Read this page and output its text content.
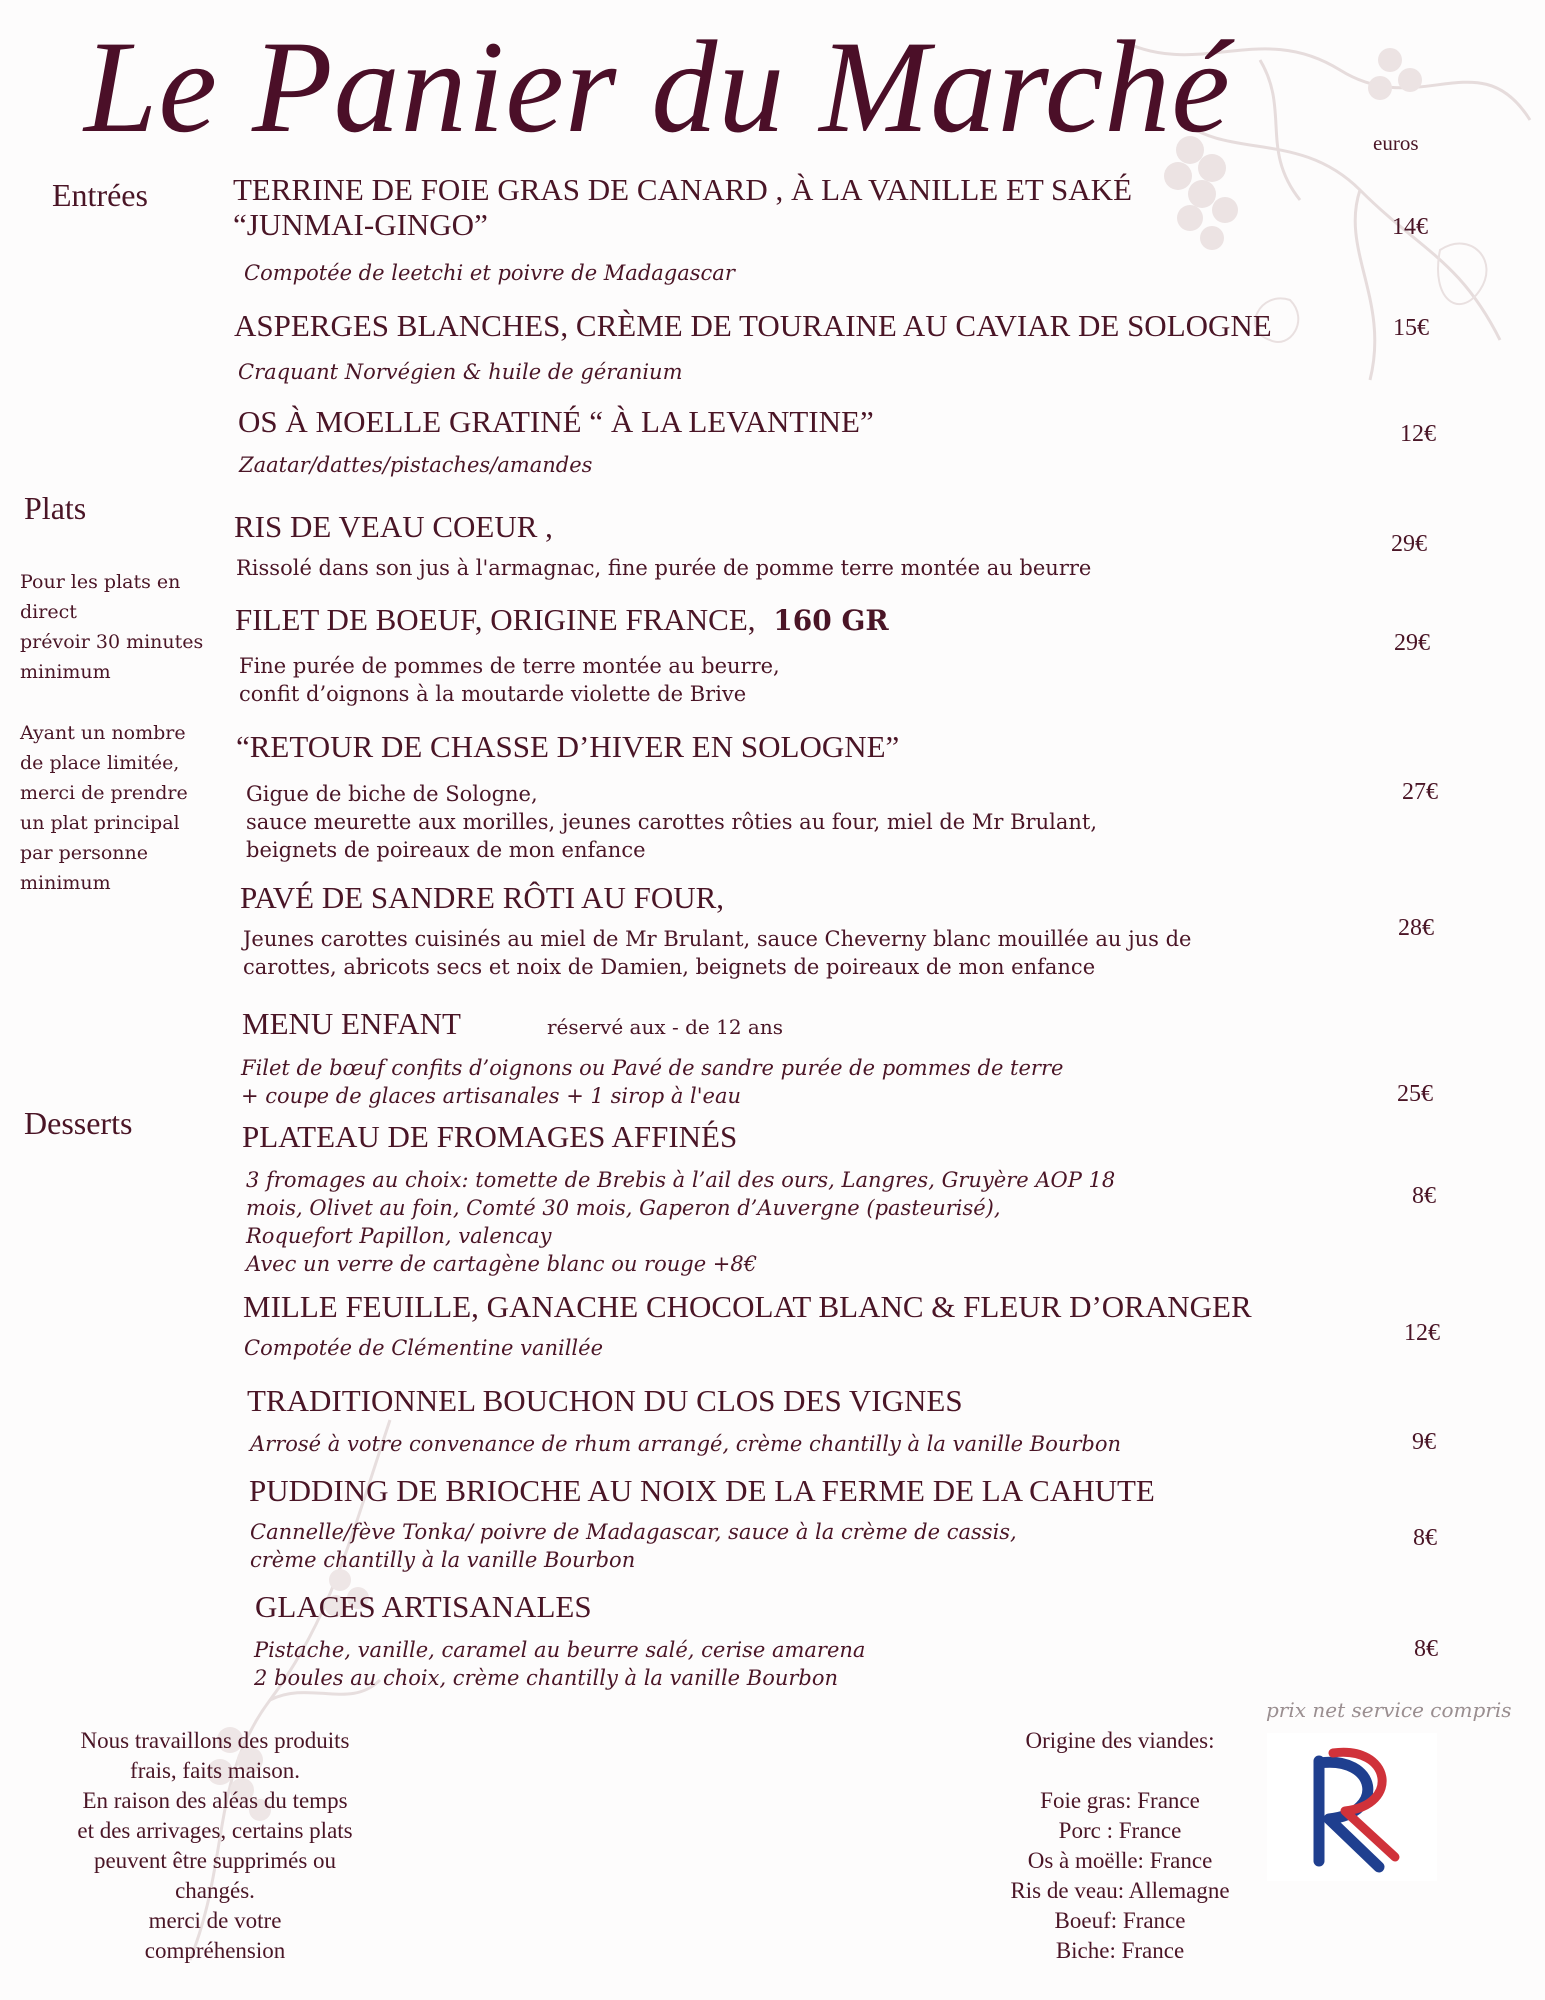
Le Panier du Marché	euros
Entrées
Plats
Desserts
Pour les plats en
direct
prévoir 30 minutes
minimum
Ayant un nombre
de place limitée,
merci de prendre
un plat principal
par personne
minimum
TERRINE DE FOIE GRAS DE CANARD , À LA VANILLE ET SAKÉ
“JUNMAI-GINGO”
Compotée de leetchi et poivre de Madagascar
14€
ASPERGES BLANCHES, CRÈME DE TOURAINE AU CAVIAR DE SOLOGNE
Craquant Norvégien & huile de géranium
15€
OS À MOELLE GRATINÉ “ À LA LEVANTINE”
Zaatar/dattes/pistaches/amandes
12€
RIS DE VEAU COEUR ,
Rissolé dans son jus à l'armagnac, fine purée de pomme terre montée au beurre
29€
FILET DE BOEUF, ORIGINE FRANCE, 160 GR
Fine purée de pommes de terre montée au beurre,
confit d’oignons à la moutarde violette de Brive
29€
“RETOUR DE CHASSE D’HIVER EN SOLOGNE”
Gigue de biche de Sologne,
sauce meurette aux morilles, jeunes carottes rôties au four, miel de Mr Brulant,
beignets de poireaux de mon enfance
27€
PAVÉ DE SANDRE RÔTI AU FOUR,
Jeunes carottes cuisinés au miel de Mr Brulant, sauce Cheverny blanc mouillée au jus de
carottes, abricots secs et noix de Damien, beignets de poireaux de mon enfance
28€
MENU ENFANT	réservé aux - de 12 ans
Filet de bœuf confits d’oignons ou Pavé de sandre purée de pommes de terre
+ coupe de glaces artisanales + 1 sirop à l'eau	25€
PLATEAU DE FROMAGES AFFINÉS
3 fromages au choix: tomette de Brebis à l’ail des ours, Langres, Gruyère AOP 18
mois, Olivet au foin, Comté 30 mois, Gaperon d’Auvergne (pasteurisé),
Roquefort Papillon, valencay
Avec un verre de cartagène blanc ou rouge +8€
8€
MILLE FEUILLE, GANACHE CHOCOLAT BLANC & FLEUR D’ORANGER
Compotée de Clémentine vanillée
12€
TRADITIONNEL BOUCHON DU CLOS DES VIGNES
Arrosé à votre convenance de rhum arrangé, crème chantilly à la vanille Bourbon	9€
PUDDING DE BRIOCHE AU NOIX DE LA FERME DE LA CAHUTE
Cannelle/fève Tonka/ poivre de Madagascar, sauce à la crème de cassis,
crème chantilly à la vanille Bourbon
8€
GLACES ARTISANALES
Pistache, vanille, caramel au beurre salé, cerise amarena
2 boules au choix, crème chantilly à la vanille Bourbon
8€
Nous travaillons des produits
frais, faits maison.
En raison des aléas du temps
et des arrivages, certains plats
peuvent être supprimés ou
changés.
merci de votre
compréhension
Origine des viandes:

Foie gras: France
Porc : France
Os à moëlle: France
Ris de veau: Allemagne
Boeuf: France
Biche: France
prix net service compris
